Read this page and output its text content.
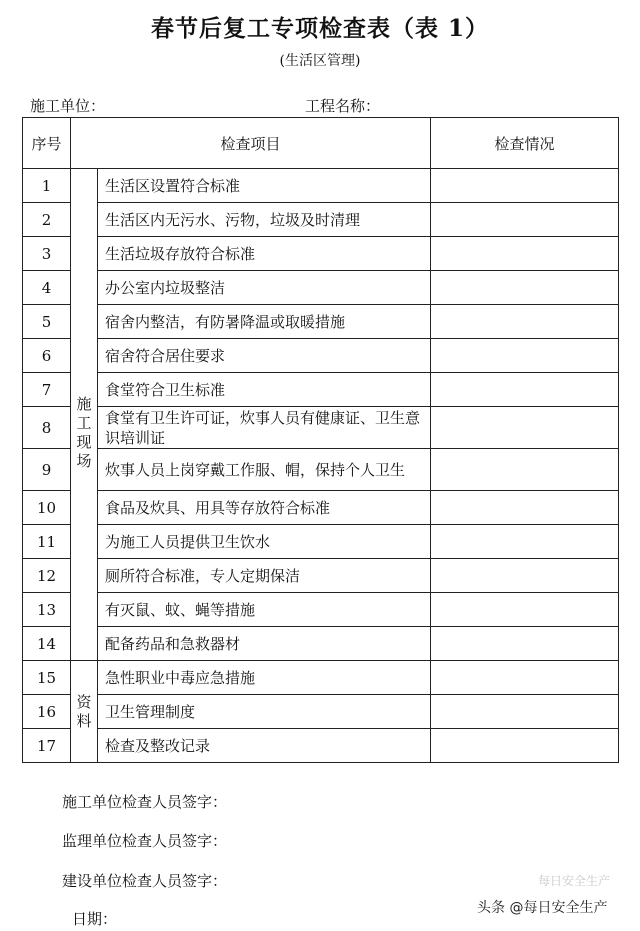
春节后复工专项检查表（表 1）
(生活区管理)
施工单位：	工程名称：
序号	检查项目		检查情况
1	施工现场	生活区设置符合标准	
2		生活区内无污水、污物，垃圾及时清理	
3		生活垃圾存放符合标准	
4		办公室内垃圾整洁	
5		宿舍内整洁，有防暑降温或取暖措施	
6		宿舍符合居住要求	
7		食堂符合卫生标准	
8		食堂有卫生许可证，炊事人员有健康证、卫生意识培训证	
9		炊事人员上岗穿戴工作服、帽，保持个人卫生	
10		食品及炊具、用具等存放符合标准	
11		为施工人员提供卫生饮水	
12		厕所符合标准，专人定期保洁	
13		有灭鼠、蚊、蝇等措施	
14		配备药品和急救器材	
15	资料	急性职业中毒应急措施	
16		卫生管理制度	
17		检查及整改记录	
施工单位检查人员签字：
监理单位检查人员签字：
建设单位检查人员签字：
日期：
每日安全生产
头条 @每日安全生产
